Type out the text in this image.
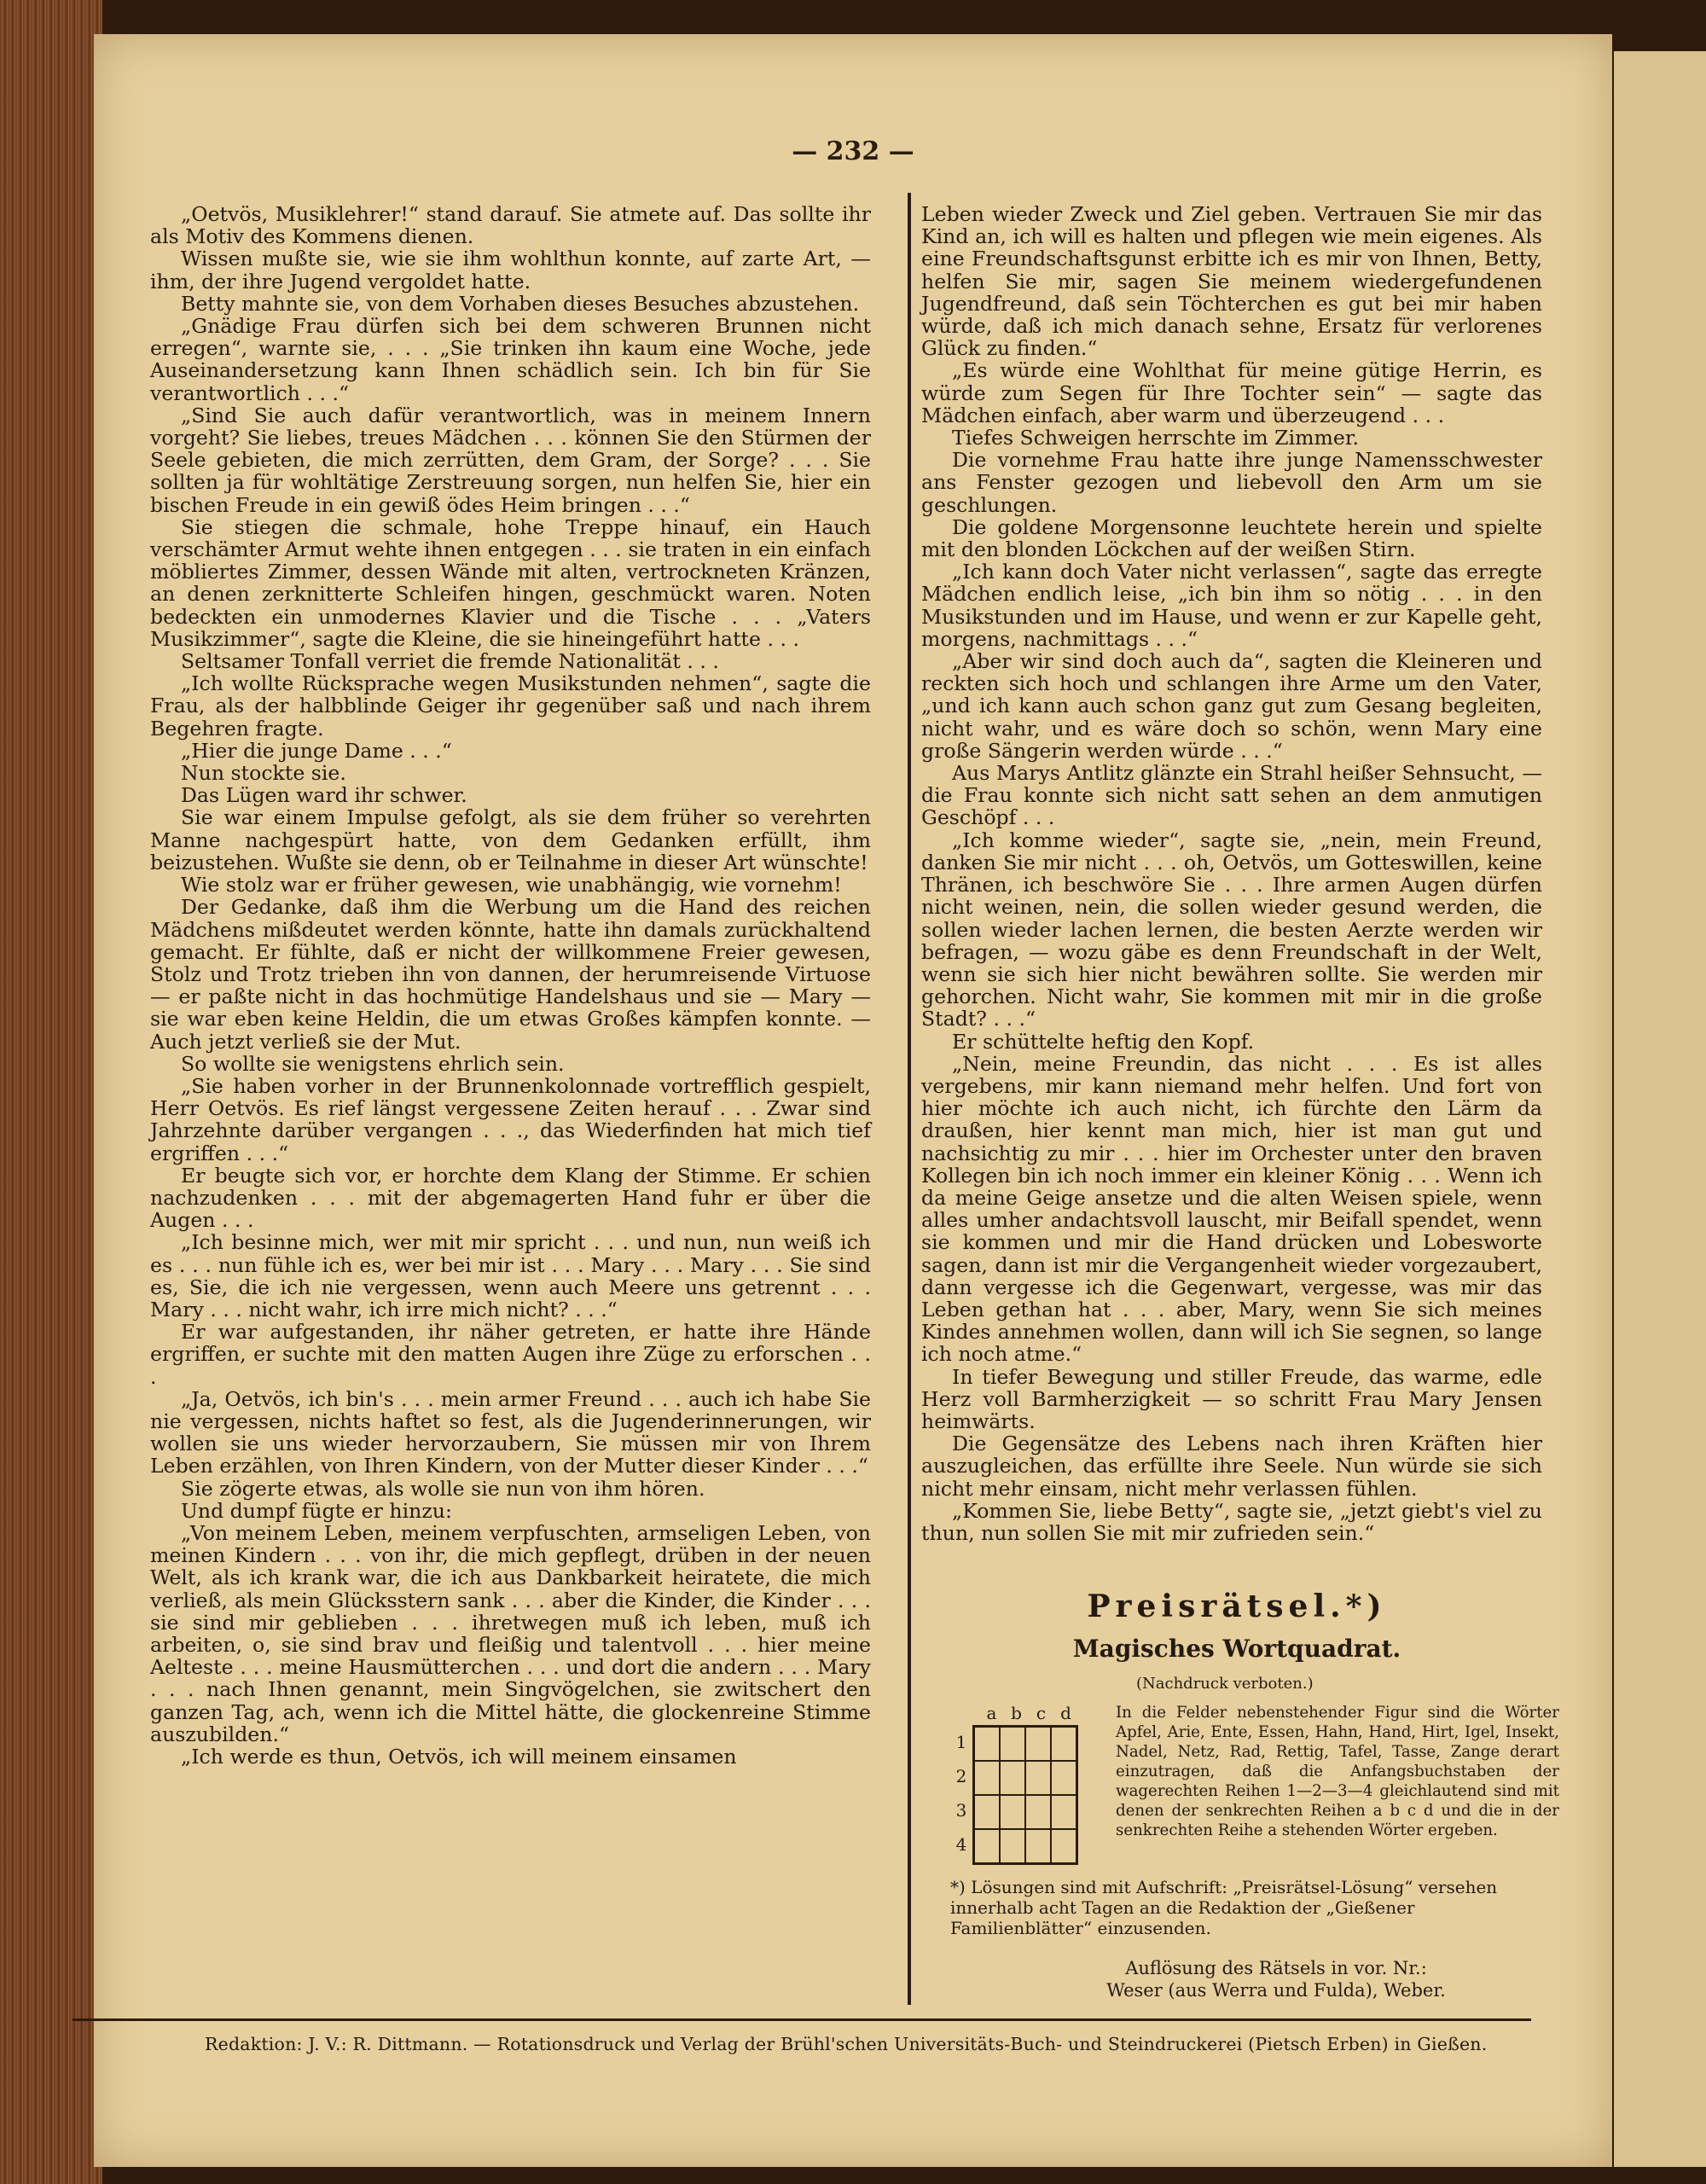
— 232 —

„Oetvös, Musiklehrer!“ stand darauf. Sie atmete auf. Das sollte ihr als Motiv des Kommens dienen.

Wissen mußte sie, wie sie ihm wohlthun konnte, auf zarte Art, — ihm, der ihre Jugend vergoldet hatte.

Betty mahnte sie, von dem Vorhaben dieses Besuches abzustehen.

„Gnädige Frau dürfen sich bei dem schweren Brunnen nicht erregen“, warnte sie, . . . „Sie trinken ihn kaum eine Woche, jede Auseinandersetzung kann Ihnen schädlich sein. Ich bin für Sie verantwortlich . . .“

„Sind Sie auch dafür verantwortlich, was in meinem Innern vorgeht? Sie liebes, treues Mädchen . . . können Sie den Stürmen der Seele gebieten, die mich zerrütten, dem Gram, der Sorge? . . . Sie sollten ja für wohltätige Zerstreuung sorgen, nun helfen Sie, hier ein bischen Freude in ein gewiß ödes Heim bringen . . .“

Sie stiegen die schmale, hohe Treppe hinauf, ein Hauch verschämter Armut wehte ihnen entgegen . . . sie traten in ein einfach möbliertes Zimmer, dessen Wände mit alten, vertrockneten Kränzen, an denen zerknitterte Schleifen hingen, geschmückt waren. Noten bedeckten ein unmodernes Klavier und die Tische . . . „Vaters Musikzimmer“, sagte die Kleine, die sie hineingeführt hatte . . .

Seltsamer Tonfall verriet die fremde Nationalität . . .

„Ich wollte Rücksprache wegen Musikstunden nehmen“, sagte die Frau, als der halbblinde Geiger ihr gegenüber saß und nach ihrem Begehren fragte.

„Hier die junge Dame . . .“

Nun stockte sie.

Das Lügen ward ihr schwer.

Sie war einem Impulse gefolgt, als sie dem früher so verehrten Manne nachgespürt hatte, von dem Gedanken erfüllt, ihm beizustehen. Wußte sie denn, ob er Teilnahme in dieser Art wünschte!

Wie stolz war er früher gewesen, wie unabhängig, wie vornehm!

Der Gedanke, daß ihm die Werbung um die Hand des reichen Mädchens mißdeutet werden könnte, hatte ihn damals zurückhaltend gemacht. Er fühlte, daß er nicht der willkommene Freier gewesen, Stolz und Trotz trieben ihn von dannen, der herumreisende Virtuose — er paßte nicht in das hochmütige Handelshaus und sie — Mary — sie war eben keine Heldin, die um etwas Großes kämpfen konnte. — Auch jetzt verließ sie der Mut.

So wollte sie wenigstens ehrlich sein.

„Sie haben vorher in der Brunnenkolonnade vortrefflich gespielt, Herr Oetvös. Es rief längst vergessene Zeiten herauf . . . Zwar sind Jahrzehnte darüber vergangen . . ., das Wiederfinden hat mich tief ergriffen . . .“

Er beugte sich vor, er horchte dem Klang der Stimme. Er schien nachzudenken . . . mit der abgemagerten Hand fuhr er über die Augen . . .

„Ich besinne mich, wer mit mir spricht . . . und nun, nun weiß ich es . . . nun fühle ich es, wer bei mir ist . . . Mary . . . Mary . . . Sie sind es, Sie, die ich nie vergessen, wenn auch Meere uns getrennt . . . Mary . . . nicht wahr, ich irre mich nicht? . . .“

Er war aufgestanden, ihr näher getreten, er hatte ihre Hände ergriffen, er suchte mit den matten Augen ihre Züge zu erforschen . . .

„Ja, Oetvös, ich bin's . . . mein armer Freund . . . auch ich habe Sie nie vergessen, nichts haftet so fest, als die Jugenderinnerungen, wir wollen sie uns wieder hervorzaubern, Sie müssen mir von Ihrem Leben erzählen, von Ihren Kindern, von der Mutter dieser Kinder . . .“

Sie zögerte etwas, als wolle sie nun von ihm hören.

Und dumpf fügte er hinzu:

„Von meinem Leben, meinem verpfuschten, armseligen Leben, von meinen Kindern . . . von ihr, die mich gepflegt, drüben in der neuen Welt, als ich krank war, die ich aus Dankbarkeit heiratete, die mich verließ, als mein Glücksstern sank . . . aber die Kinder, die Kinder . . . sie sind mir geblieben . . . ihretwegen muß ich leben, muß ich arbeiten, o, sie sind brav und fleißig und talentvoll . . . hier meine Aelteste . . . meine Hausmütterchen . . . und dort die andern . . . Mary . . . nach Ihnen genannt, mein Singvögelchen, sie zwitschert den ganzen Tag, ach, wenn ich die Mittel hätte, die glockenreine Stimme auszubilden.“

„Ich werde es thun, Oetvös, ich will meinem einsamen

Leben wieder Zweck und Ziel geben. Vertrauen Sie mir das Kind an, ich will es halten und pflegen wie mein eigenes. Als eine Freundschaftsgunst erbitte ich es mir von Ihnen, Betty, helfen Sie mir, sagen Sie meinem wiedergefundenen Jugendfreund, daß sein Töchterchen es gut bei mir haben würde, daß ich mich danach sehne, Ersatz für verlorenes Glück zu finden.“

„Es würde eine Wohlthat für meine gütige Herrin, es würde zum Segen für Ihre Tochter sein“ — sagte das Mädchen einfach, aber warm und überzeugend . . .

Tiefes Schweigen herrschte im Zimmer.

Die vornehme Frau hatte ihre junge Namensschwester ans Fenster gezogen und liebevoll den Arm um sie geschlungen.

Die goldene Morgensonne leuchtete herein und spielte mit den blonden Löckchen auf der weißen Stirn.

„Ich kann doch Vater nicht verlassen“, sagte das erregte Mädchen endlich leise, „ich bin ihm so nötig . . . in den Musikstunden und im Hause, und wenn er zur Kapelle geht, morgens, nachmittags . . .“

„Aber wir sind doch auch da“, sagten die Kleineren und reckten sich hoch und schlangen ihre Arme um den Vater, „und ich kann auch schon ganz gut zum Gesang begleiten, nicht wahr, und es wäre doch so schön, wenn Mary eine große Sängerin werden würde . . .“

Aus Marys Antlitz glänzte ein Strahl heißer Sehnsucht, — die Frau konnte sich nicht satt sehen an dem anmutigen Geschöpf . . .

„Ich komme wieder“, sagte sie, „nein, mein Freund, danken Sie mir nicht . . . oh, Oetvös, um Gotteswillen, keine Thränen, ich beschwöre Sie . . . Ihre armen Augen dürfen nicht weinen, nein, die sollen wieder gesund werden, die sollen wieder lachen lernen, die besten Aerzte werden wir befragen, — wozu gäbe es denn Freundschaft in der Welt, wenn sie sich hier nicht bewähren sollte. Sie werden mir gehorchen. Nicht wahr, Sie kommen mit mir in die große Stadt? . . .“

Er schüttelte heftig den Kopf.

„Nein, meine Freundin, das nicht . . . Es ist alles vergebens, mir kann niemand mehr helfen. Und fort von hier möchte ich auch nicht, ich fürchte den Lärm da draußen, hier kennt man mich, hier ist man gut und nachsichtig zu mir . . . hier im Orchester unter den braven Kollegen bin ich noch immer ein kleiner König . . . Wenn ich da meine Geige ansetze und die alten Weisen spiele, wenn alles umher andachtsvoll lauscht, mir Beifall spendet, wenn sie kommen und mir die Hand drücken und Lobesworte sagen, dann ist mir die Vergangenheit wieder vorgezaubert, dann vergesse ich die Gegenwart, vergesse, was mir das Leben gethan hat . . . aber, Mary, wenn Sie sich meines Kindes annehmen wollen, dann will ich Sie segnen, so lange ich noch atme.“

In tiefer Bewegung und stiller Freude, das warme, edle Herz voll Barmherzigkeit — so schritt Frau Mary Jensen heimwärts.

Die Gegensätze des Lebens nach ihren Kräften hier auszugleichen, das erfüllte ihre Seele. Nun würde sie sich nicht mehr einsam, nicht mehr verlassen fühlen.

„Kommen Sie, liebe Betty“, sagte sie, „jetzt giebt's viel zu thun, nun sollen Sie mit mir zufrieden sein.“

Preisrätsel.*)
Magisches Wortquadrat.
(Nachdruck verboten.)
a b c d
1
2
3
4
In die Felder nebenstehender Figur sind die Wörter Apfel, Arie, Ente, Essen, Hahn, Hand, Hirt, Igel, Insekt, Nadel, Netz, Rad, Rettig, Tafel, Tasse, Zange derart einzutragen, daß die Anfangsbuchstaben der wagerechten Reihen 1—2—3—4 gleichlautend sind mit denen der senkrechten Reihen a b c d und die in der senkrechten Reihe a stehenden Wörter ergeben.
*) Lösungen sind mit Aufschrift: „Preisrätsel-Lösung“ versehen innerhalb acht Tagen an die Redaktion der „Gießener Familienblätter“ einzusenden.
Auflösung des Rätsels in vor. Nr.:
Weser (aus Werra und Fulda), Weber.
Redaktion: J. V.: R. Dittmann. — Rotationsdruck und Verlag der Brühl'schen Universitäts-Buch- und Steindruckerei (Pietsch Erben) in Gießen.
